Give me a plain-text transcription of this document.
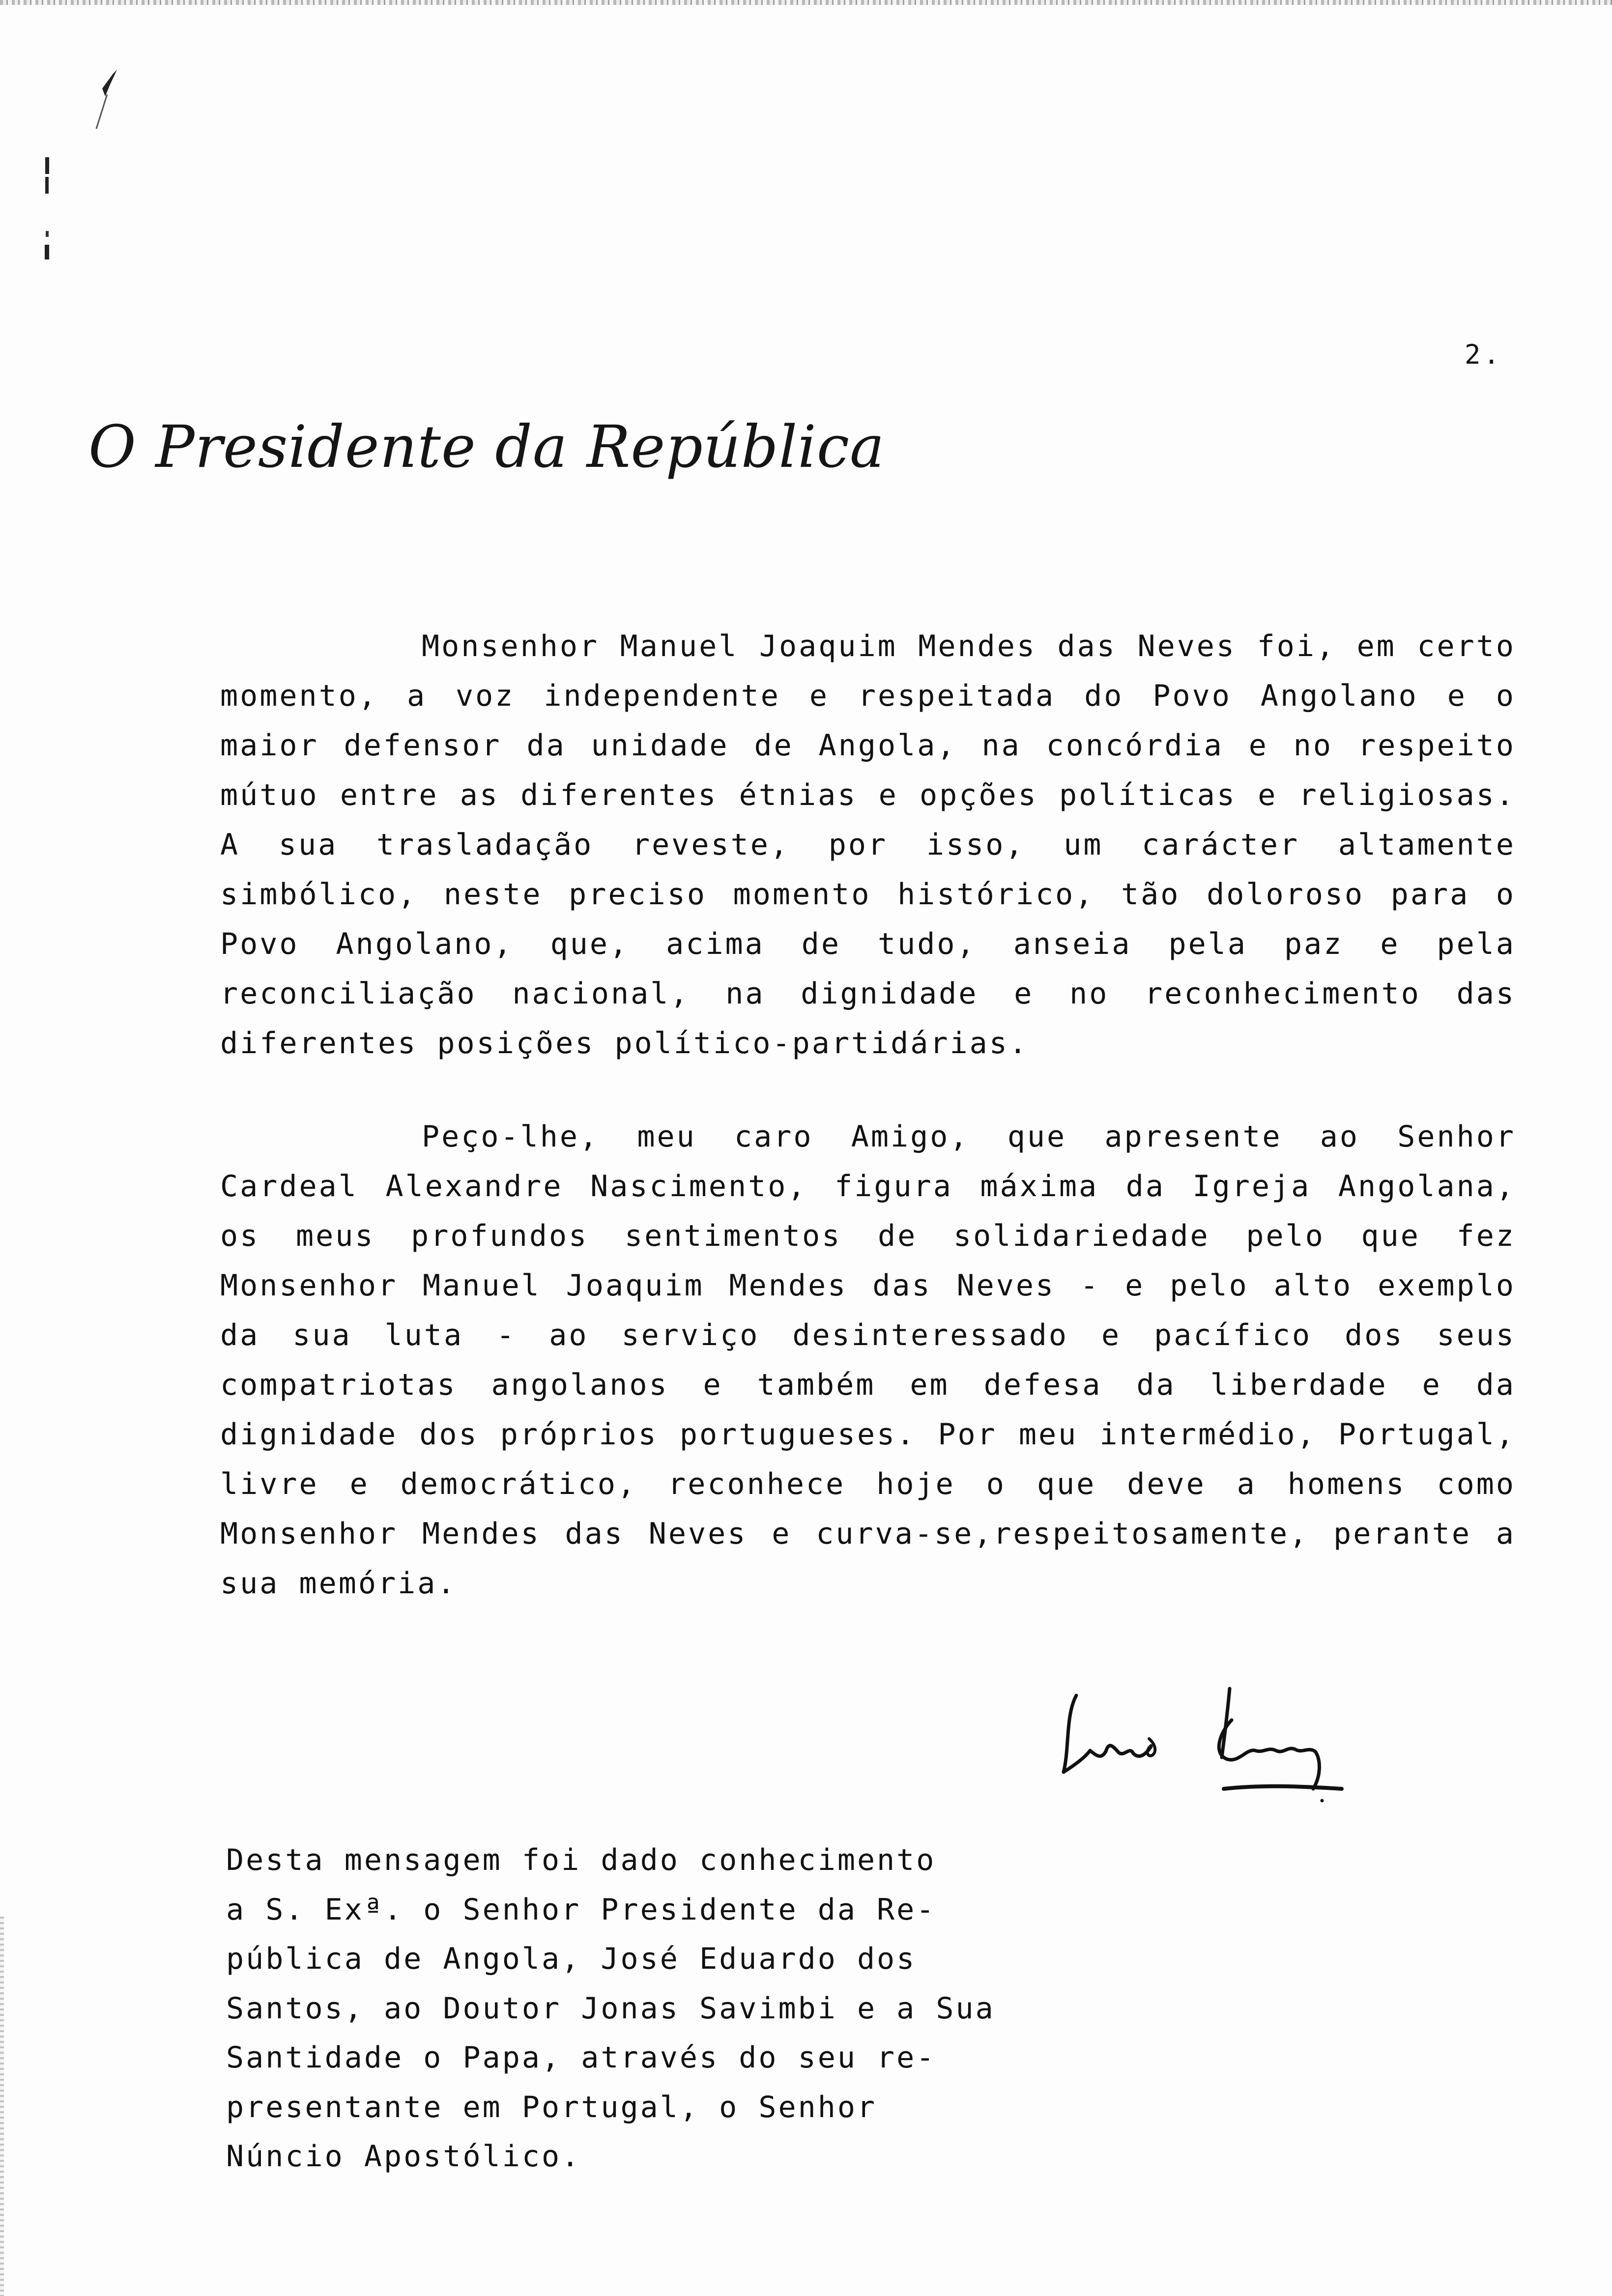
2.
O Presidente da República

Monsenhor Manuel Joaquim Mendes das Neves foi, em certo momento, a voz independente e respeitada do Povo Angolano e o maior defensor da unidade de Angola, na concórdia e no respeito mútuo entre as diferentes étnias e opções políticas e religiosas. A sua trasladação reveste, por isso, um carácter altamente simbólico, neste preciso momento histórico, tão doloroso para o Povo Angolano, que, acima de tudo, anseia pela paz e pela reconciliação nacional, na dignidade e no reconhecimento das diferentes posições político-partidárias.

Peço-lhe, meu caro Amigo, que apresente ao Senhor Cardeal Alexandre Nascimento, figura máxima da Igreja Angolana, os meus profundos sentimentos de solidariedade pelo que fez Monsenhor Manuel Joaquim Mendes das Neves - e pelo alto exemplo da sua luta - ao serviço desinteressado e pacífico dos seus compatriotas angolanos e também em defesa da liberdade e da dignidade dos próprios portugueses. Por meu intermédio, Portugal, livre e democrático, reconhece hoje o que deve a homens como Monsenhor Mendes das Neves e curva-se,respeitosamente, perante a sua memória.

Desta mensagem foi dado conhecimento
a S. Exª. o Senhor Presidente da Re-
pública de Angola, José Eduardo dos
Santos, ao Doutor Jonas Savimbi e a Sua
Santidade o Papa, através do seu re-
presentante em Portugal, o Senhor
Núncio Apostólico.
